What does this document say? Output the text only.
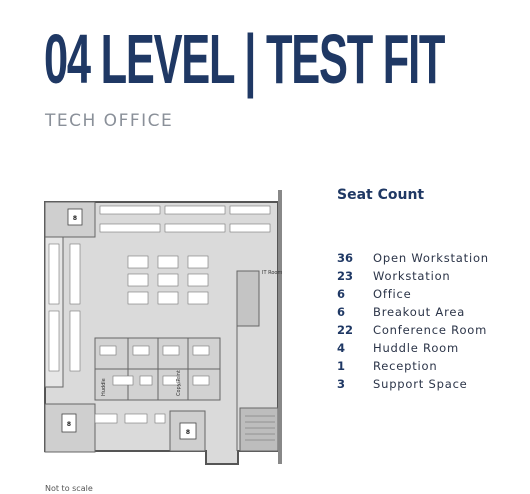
04 LEVEL | TEST FIT
TECH OFFICE
Seat Count
36	Open Workstation
23	Workstation
6	Office
6	Breakout Area
22	Conference Room
4	Huddle Room
1	Reception
3	Support Space
8
8
8
Huddle	Copy/Print
IT Room
Not to scale
